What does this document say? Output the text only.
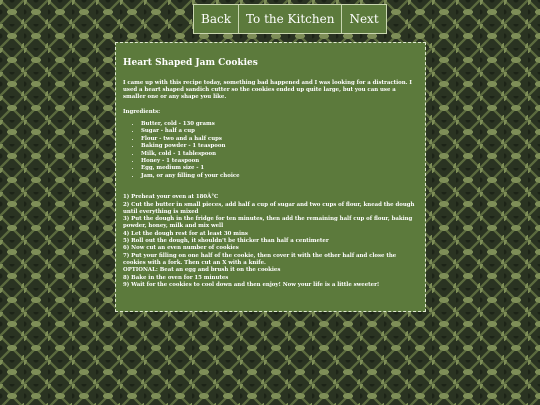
Back	To the Kitchen	Next
Heart Shaped Jam Cookies

I came up with this recipe today, something bad happened and I was looking for a distraction. I used a heart shaped sandich cutter so the cookies ended up quite large, but you can use a smaller one or any shape you like.

Ingredients:
• Butter, cold - 130 grams
• Sugar - half a cup
• Flour - two and a half cups
• Baking powder - 1 teaspoon
• Milk, cold - 1 tablespoon
• Honey - 1 teaspoon
• Egg, medium size - 1
• Jam, or any filling of your choice

1) Preheat your oven at 180Â°C

2) Cut the butter in small pieces, add half a cup of sugar and two cups of flour, knead the dough until everything is mixed

3) Put the dough in the fridge for ten minutes, then add the remaining half cup of flour, baking powder, honey, milk and mix well

4) Let the dough rest for at least 30 mins

5) Roll out the dough, it shouldn't be thicker than half a centimeter

6) Now cut an even number of cookies

7) Put your filling on one half of the cookie, then cover it with the other half and close the cookies with a fork. Then cut an X with a knife.

OPTIONAL: Beat an egg and brush it on the cookies

8) Bake in the oven for 15 minutes

9) Wait for the cookies to cool down and then enjoy! Now your life is a little sweeter!
